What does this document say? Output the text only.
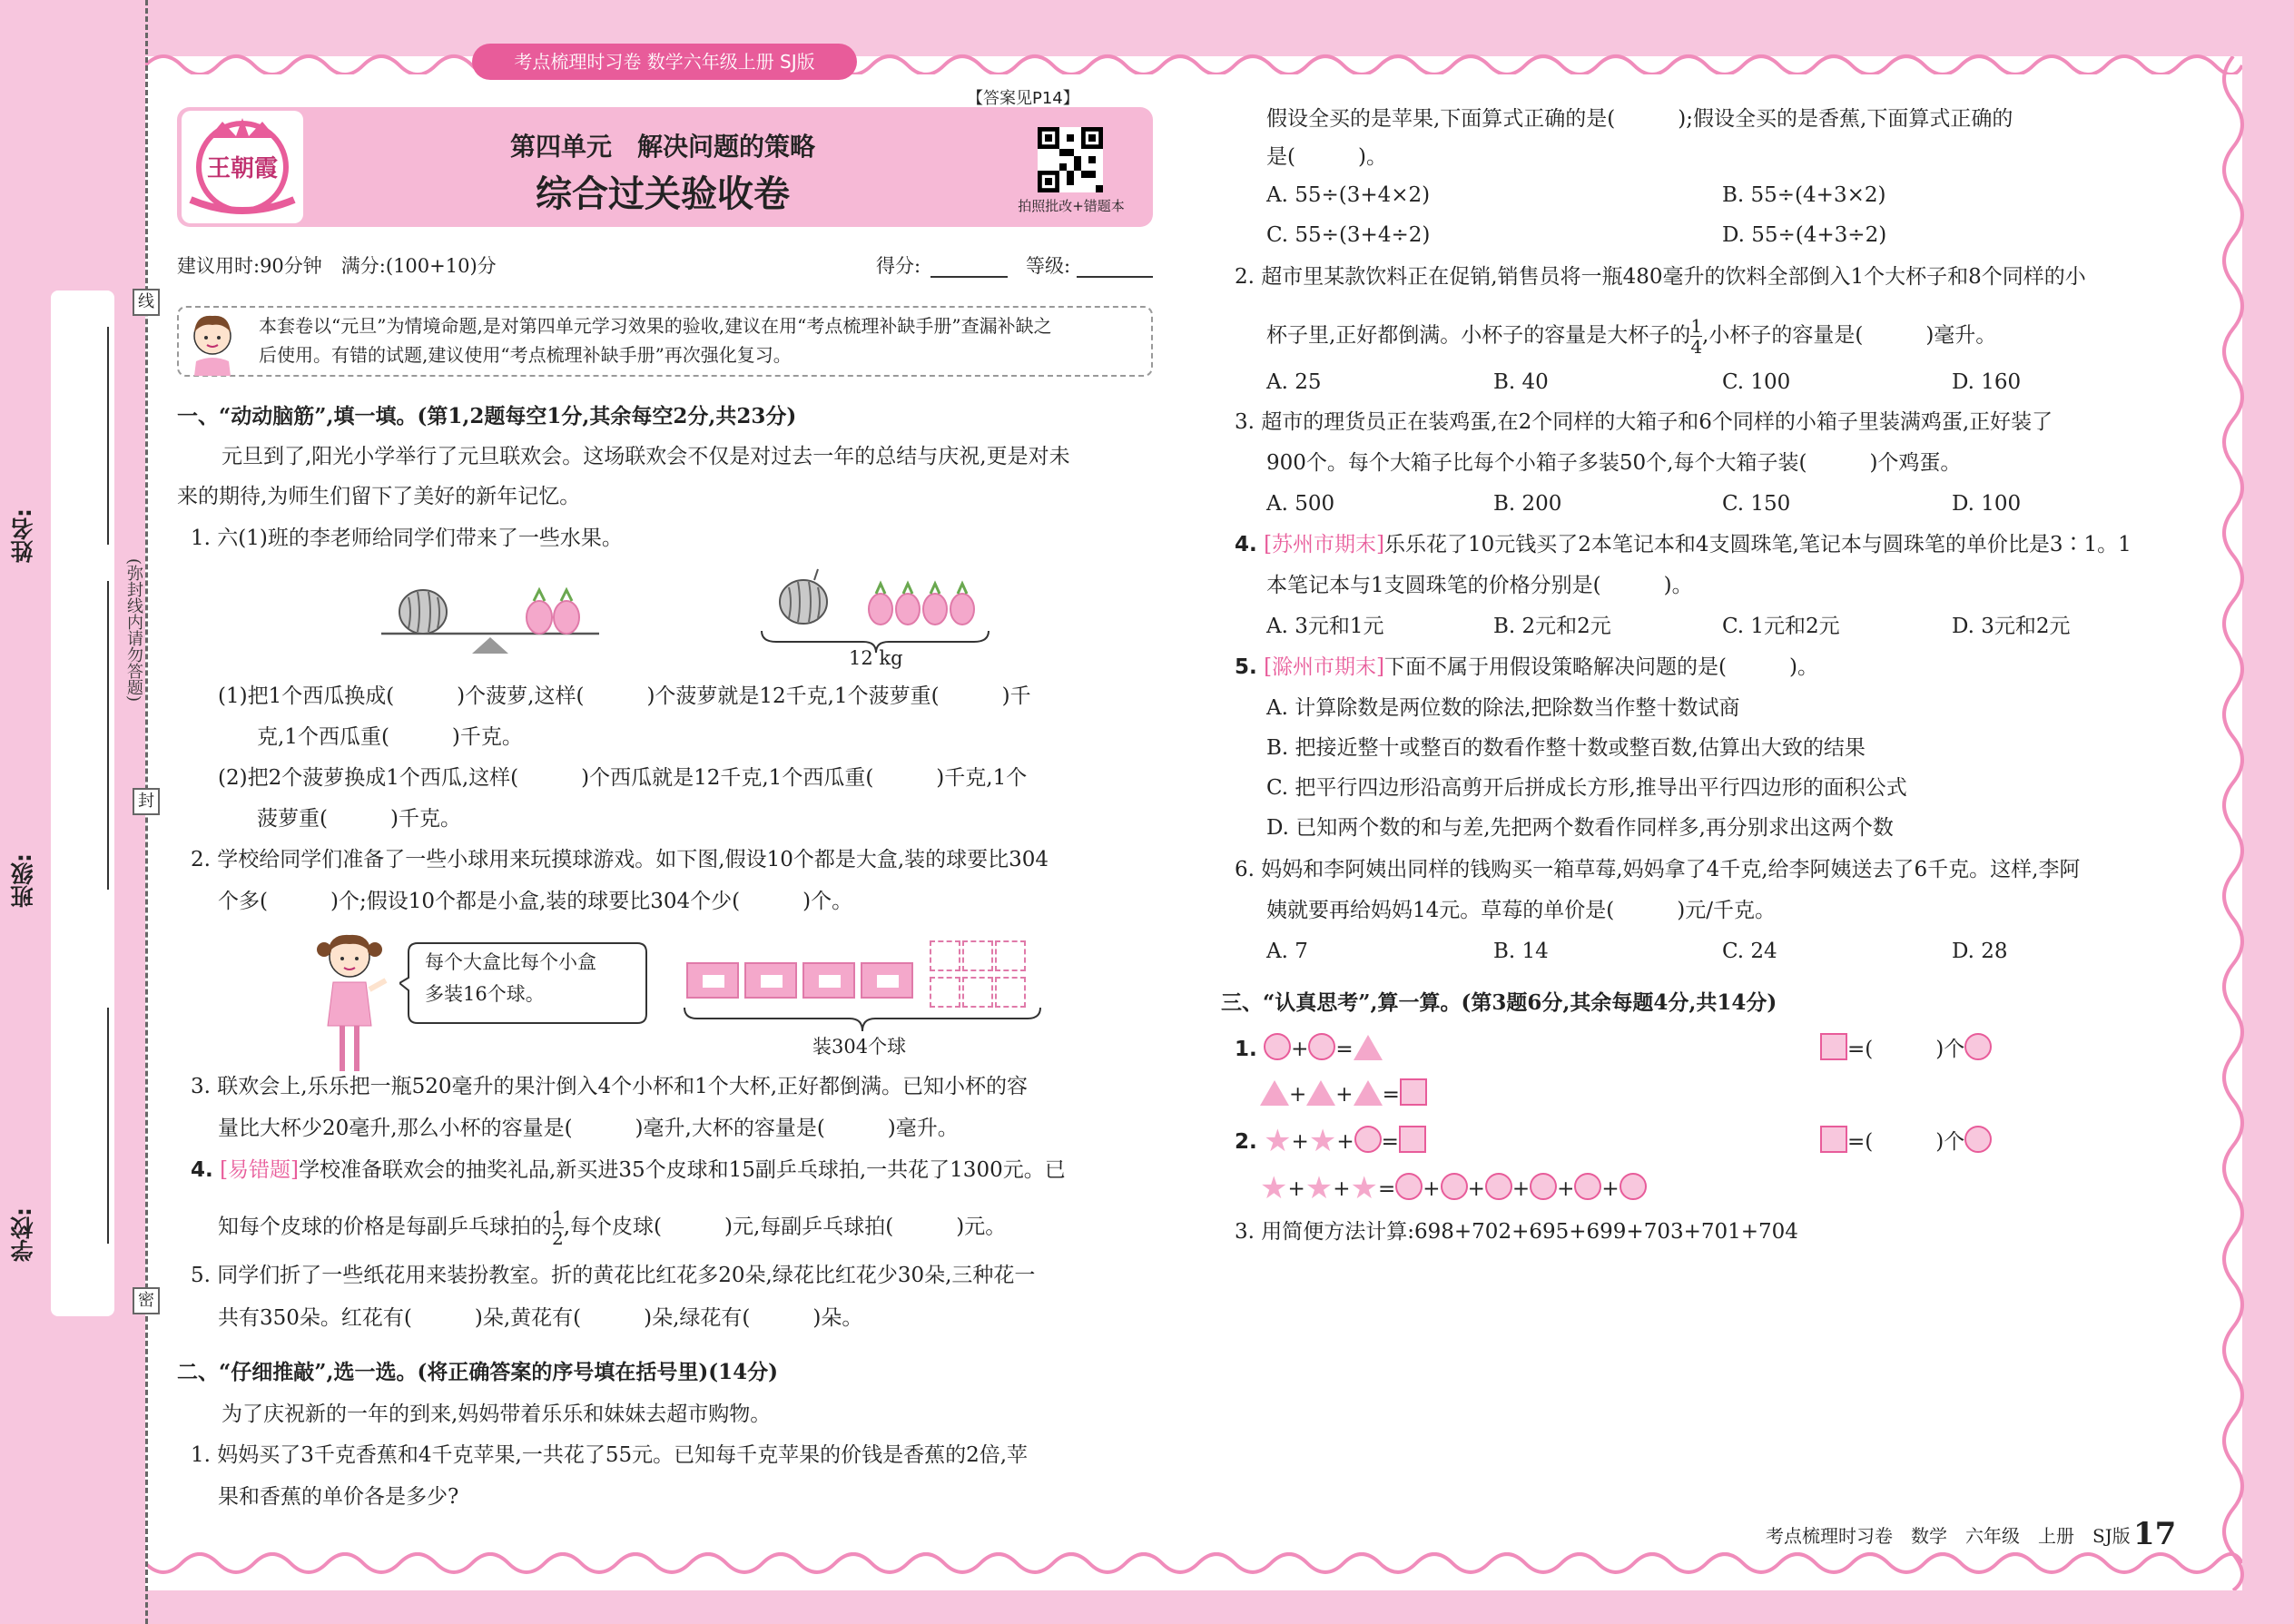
姓名:
班级:
学校:
线
封
密
(弥封线内请勿答题)
考点梳理时习卷 数学六年级上册 SJ版
王朝霞
【答案见P14】
第四单元　解决问题的策略
综合过关验收卷	拍照批改+错题本
建议用时:90分钟　满分:(100+10)分	得分:	等级:
本套卷以“元旦”为情境命题,是对第四单元学习效果的验收,建议在用“考点梳理补缺手册”查漏补缺之
后使用。有错的试题,建议使用“考点梳理补缺手册”再次强化复习。
一、“动动脑筋”,填一填。(第1,2题每空1分,其余每空2分,共23分)
元旦到了,阳光小学举行了元旦联欢会。这场联欢会不仅是对过去一年的总结与庆祝,更是对未
来的期待,为师生们留下了美好的新年记忆。
1. 六(1)班的李老师给同学们带来了一些水果。
12 kg
(1)把1个西瓜换成(　　　)个菠萝,这样(　　　)个菠萝就是12千克,1个菠萝重(　　　)千
克,1个西瓜重(　　　)千克。
(2)把2个菠萝换成1个西瓜,这样(　　　)个西瓜就是12千克,1个西瓜重(　　　)千克,1个
菠萝重(　　　)千克。
2. 学校给同学们准备了一些小球用来玩摸球游戏。如下图,假设10个都是大盒,装的球要比304
个多(　　　)个;假设10个都是小盒,装的球要比304个少(　　　)个。
每个大盒比每个小盒
多装16个球。
装304个球
3. 联欢会上,乐乐把一瓶520毫升的果汁倒入4个小杯和1个大杯,正好都倒满。已知小杯的容
量比大杯少20毫升,那么小杯的容量是(　　　)毫升,大杯的容量是(　　　)毫升。
4. [易错题]学校准备联欢会的抽奖礼品,新买进35个皮球和15副乒乓球拍,一共花了1300元。已
知每个皮球的价格是每副乒乓球拍的 $\frac{1}{2}$ ,每个皮球(　　　)元,每副乒乓球拍(　　　)元。
5. 同学们折了一些纸花用来装扮教室。折的黄花比红花多20朵,绿花比红花少30朵,三种花一
共有350朵。红花有(　　　)朵,黄花有(　　　)朵,绿花有(　　　)朵。
二、“仔细推敲”,选一选。(将正确答案的序号填在括号里)(14分)
为了庆祝新的一年的到来,妈妈带着乐乐和妹妹去超市购物。
1. 妈妈买了3千克香蕉和4千克苹果,一共花了55元。已知每千克苹果的价钱是香蕉的2倍,苹
果和香蕉的单价各是多少?
假设全买的是苹果,下面算式正确的是(　　　);假设全买的是香蕉,下面算式正确的
是(　　　)。
A. 55÷(3+4×2)	B. 55÷(4+3×2)
C. 55÷(3+4÷2)	D. 55÷(4+3÷2)
2. 超市里某款饮料正在促销,销售员将一瓶480毫升的饮料全部倒入1个大杯子和8个同样的小
杯子里,正好都倒满。小杯子的容量是大杯子的 $\frac{1}{4}$ ,小杯子的容量是(　　　)毫升。
A. 25	B. 40	C. 100	D. 160
3. 超市的理货员正在装鸡蛋,在2个同样的大箱子和6个同样的小箱子里装满鸡蛋,正好装了
900个。每个大箱子比每个小箱子多装50个,每个大箱子装(　　　)个鸡蛋。
A. 500	B. 200	C. 150	D. 100
4. [苏州市期末]乐乐花了10元钱买了2本笔记本和4支圆珠笔,笔记本与圆珠笔的单价比是3∶1。1
本笔记本与1支圆珠笔的价格分别是(　　　)。
A. 3元和1元	B. 2元和2元	C. 1元和2元	D. 3元和2元
5. [滁州市期末]下面不属于用假设策略解决问题的是(　　　)。
A. 计算除数是两位数的除法,把除数当作整十数试商
B. 把接近整十或整百的数看作整十数或整百数,估算出大致的结果
C. 把平行四边形沿高剪开后拼成长方形,推导出平行四边形的面积公式
D. 已知两个数的和与差,先把两个数看作同样多,再分别求出这两个数
6. 妈妈和李阿姨出同样的钱购买一箱草莓,妈妈拿了4千克,给李阿姨送去了6千克。这样,李阿
姨就要再给妈妈14元。草莓的单价是(　　　)元/千克。
A. 7	B. 14	C. 24	D. 28
三、“认真思考”,算一算。(第3题6分,其余每题4分,共14分)
1. + =	=(　　　)个
+ + =
2. ★+★+ =	=(　　　)个
★+★+★= + + + + +
3. 用简便方法计算:698+702+695+699+703+701+704
考点梳理时习卷　数学　六年级　上册　SJ版 17
